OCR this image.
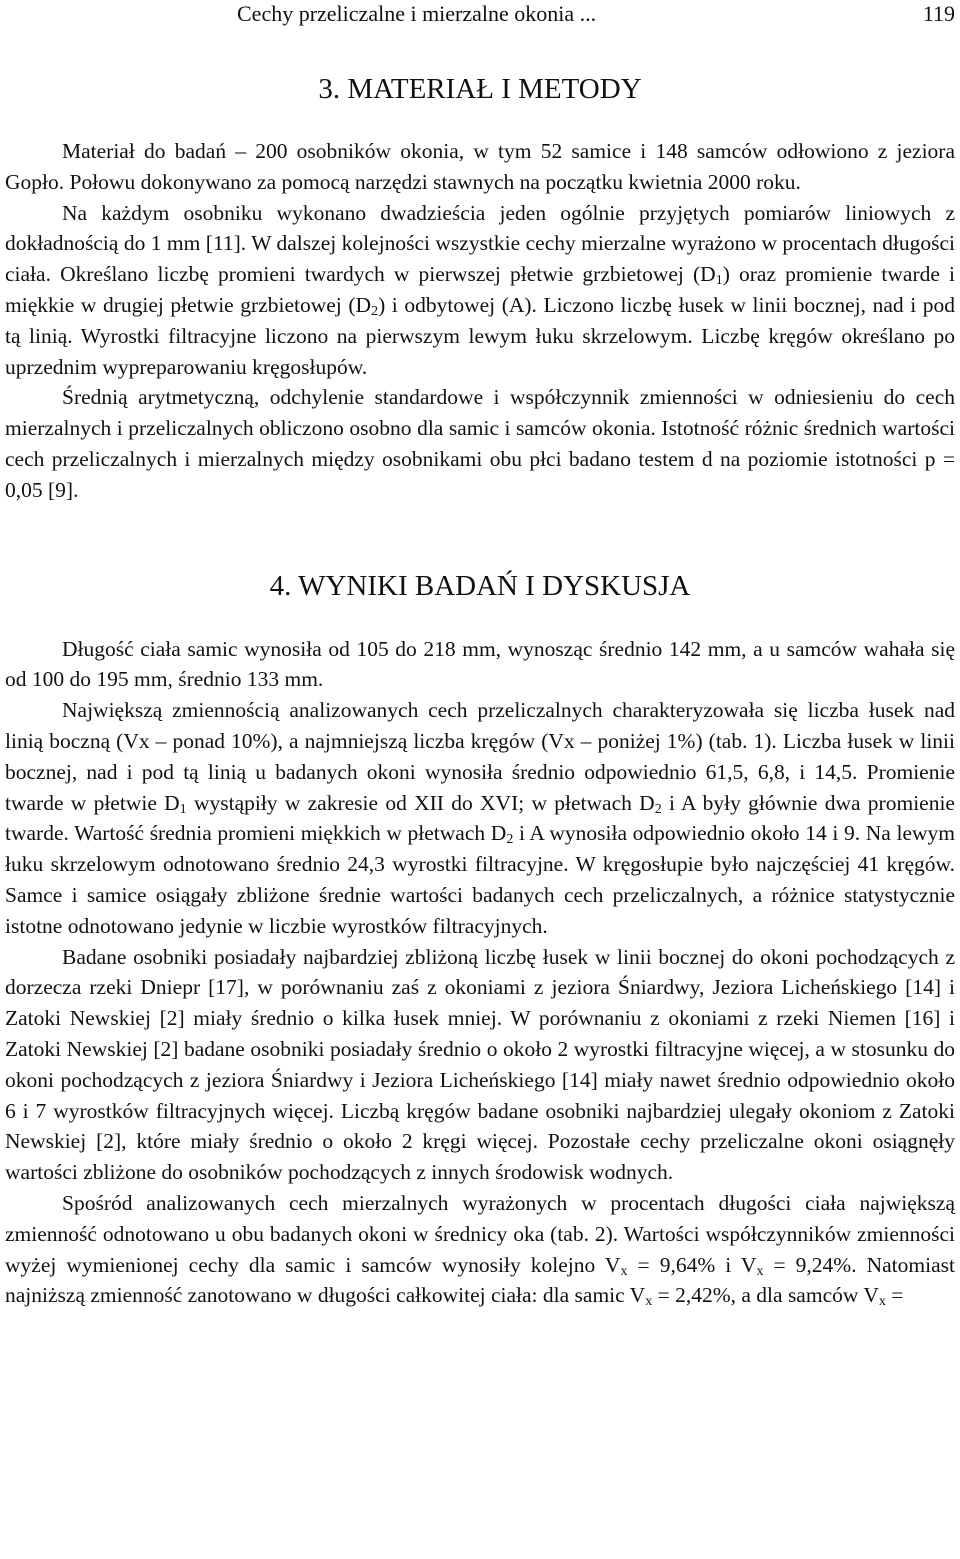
Cechy przeliczalne i mierzalne okonia ...	119
3. MATERIAŁ I METODY

Materiał do badań – 200 osobników okonia, w tym 52 samice i 148 samców odłowiono z jeziora Gopło. Połowu dokonywano za pomocą narzędzi stawnych na początku kwietnia 2000 roku.

Na każdym osobniku wykonano dwadzieścia jeden ogólnie przyjętych pomiarów liniowych z dokładnością do 1 mm [11]. W dalszej kolejności wszystkie cechy mierzalne wyrażono w procentach długości ciała. Określano liczbę promieni twardych w pierwszej płetwie grzbietowej $(D_1)$ oraz promienie twarde i miękkie w drugiej płetwie grzbietowej $(D_2)$ i odbytowej (A). Liczono liczbę łusek w linii bocznej, nad i pod tą linią. Wyrostki filtracyjne liczono na pierwszym lewym łuku skrzelowym. Liczbę kręgów określano po uprzednim wypreparowaniu kręgosłupów.

Średnią arytmetyczną, odchylenie standardowe i współczynnik zmienności w odniesieniu do cech mierzalnych i przeliczalnych obliczono osobno dla samic i samców okonia. Istotność różnic średnich wartości cech przeliczalnych i mierzalnych między osobnikami obu płci badano testem d na poziomie istotności p = 0,05 [9].

4. WYNIKI BADAŃ I DYSKUSJA

Długość ciała samic wynosiła od 105 do 218 mm, wynosząc średnio 142 mm, a u samców wahała się od 100 do 195 mm, średnio 133 mm.

Największą zmiennością analizowanych cech przeliczalnych charakteryzowała się liczba łusek nad linią boczną (Vx – ponad 10%), a najmniejszą liczba kręgów (Vx – poniżej 1%) (tab. 1). Liczba łusek w linii bocznej, nad i pod tą linią u badanych okoni wynosiła średnio odpowiednio 61,5, 6,8, i 14,5. Promienie twarde w płetwie $D_1$ wystąpiły w zakresie od XII do XVI; w płetwach $D_2$ i A były głównie dwa promienie twarde. Wartość średnia promieni miękkich w płetwach $D_2$ i A wynosiła odpowiednio około 14 i 9. Na lewym łuku skrzelowym odnotowano średnio 24,3 wyrostki filtracyjne. W kręgosłupie było najczęściej 41 kręgów. Samce i samice osiągały zbliżone średnie wartości badanych cech przeliczalnych, a różnice statystycznie istotne odnotowano jedynie w liczbie wyrostków filtracyjnych.

Badane osobniki posiadały najbardziej zbliżoną liczbę łusek w linii bocznej do okoni pochodzących z dorzecza rzeki Dniepr [17], w porównaniu zaś z okoniami z jeziora Śniardwy, Jeziora Licheńskiego [14] i Zatoki Newskiej [2] miały średnio o kilka łusek mniej. W porównaniu z okoniami z rzeki Niemen [16] i Zatoki Newskiej [2] badane osobniki posiadały średnio o około 2 wyrostki filtracyjne więcej, a w stosunku do okoni pochodzących z jeziora Śniardwy i Jeziora Licheńskiego [14] miały nawet średnio odpowiednio około 6 i 7 wyrostków filtracyjnych więcej. Liczbą kręgów badane osobniki najbardziej ulegały okoniom z Zatoki Newskiej [2], które miały średnio o około 2 kręgi więcej. Pozostałe cechy przeliczalne okoni osiągnęły wartości zbliżone do osobników pochodzących z innych środowisk wodnych.

Spośród analizowanych cech mierzalnych wyrażonych w procentach długości ciała największą zmienność odnotowano u obu badanych okoni w średnicy oka (tab. 2). Wartości współczynników zmienności wyżej wymienionej cechy dla samic i samców wynosiły kolejno $V_x = 9,64\%$ i $V_x = 9,24\%$. Natomiast najniższą zmienność zanotowano w długości całkowitej ciała: dla samic $V_x = 2,42\%$, a dla samców $V_x$ =
